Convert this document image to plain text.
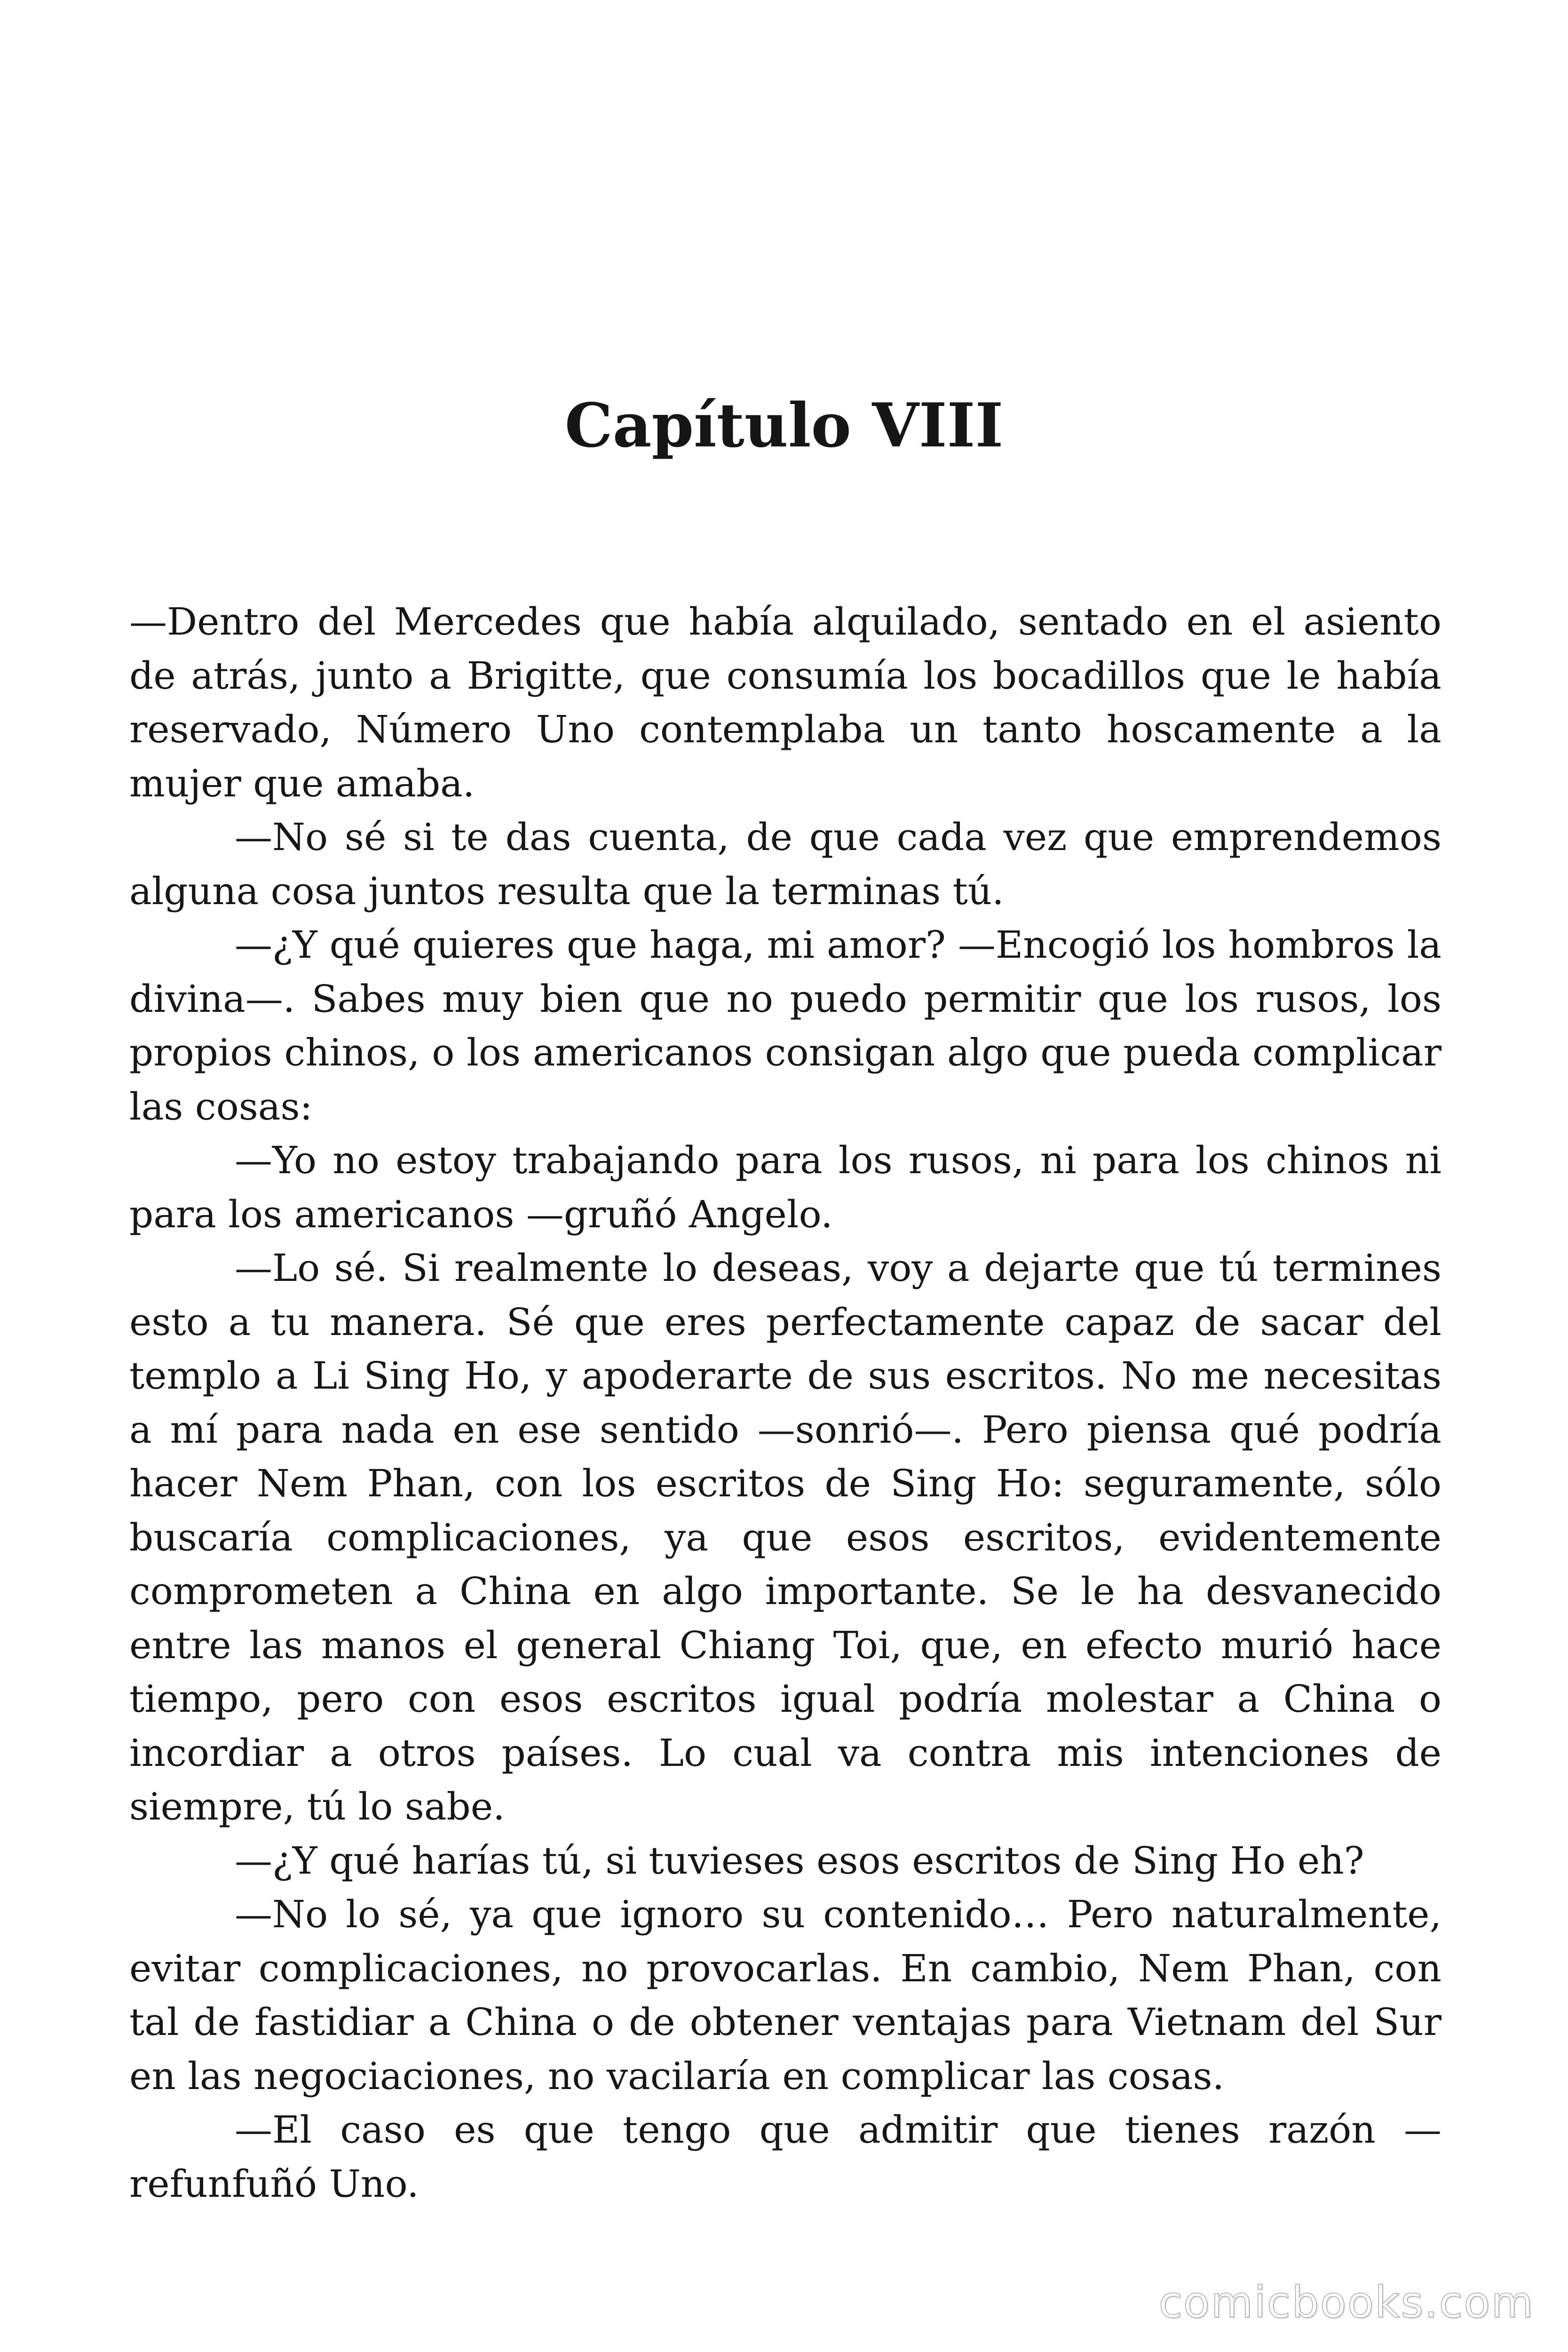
Capítulo VIII

—Dentro del Mercedes que había alquilado, sentado en el asiento de atrás, junto a Brigitte, que consumía los bocadillos que le había reservado, Número Uno contemplaba un tanto hoscamente a la mujer que amaba.

—No sé si te das cuenta, de que cada vez que emprendemos alguna cosa juntos resulta que la terminas tú.

—¿Y qué quieres que haga, mi amor? —Encogió los hombros la divina—. Sabes muy bien que no puedo permitir que los rusos, los propios chinos, o los americanos consigan algo que pueda complicar las cosas:

—Yo no estoy trabajando para los rusos, ni para los chinos ni para los americanos —gruñó Angelo.

—Lo sé. Si realmente lo deseas, voy a dejarte que tú termines esto a tu manera. Sé que eres perfectamente capaz de sacar del templo a Li Sing Ho, y apoderarte de sus escritos. No me necesitas a mí para nada en ese sentido —sonrió—. Pero piensa qué podría hacer Nem Phan, con los escritos de Sing Ho: seguramente, sólo buscaría complicaciones, ya que esos escritos, evidentemente comprometen a China en algo importante. Se le ha desvanecido entre las manos el general Chiang Toi, que, en efecto murió hace tiempo, pero con esos escritos igual podría molestar a China o incordiar a otros países. Lo cual va contra mis intenciones de siempre, tú lo sabe.

—¿Y qué harías tú, si tuvieses esos escritos de Sing Ho eh?

—No lo sé, ya que ignoro su contenido… Pero naturalmente, evitar complicaciones, no provocarlas. En cambio, Nem Phan, con tal de fastidiar a China o de obtener ventajas para Vietnam del Sur en las negociaciones, no vacilaría en complicar las cosas.

—El caso es que tengo que admitir que tienes razón —refunfuñó Uno.

comicbooks.com
